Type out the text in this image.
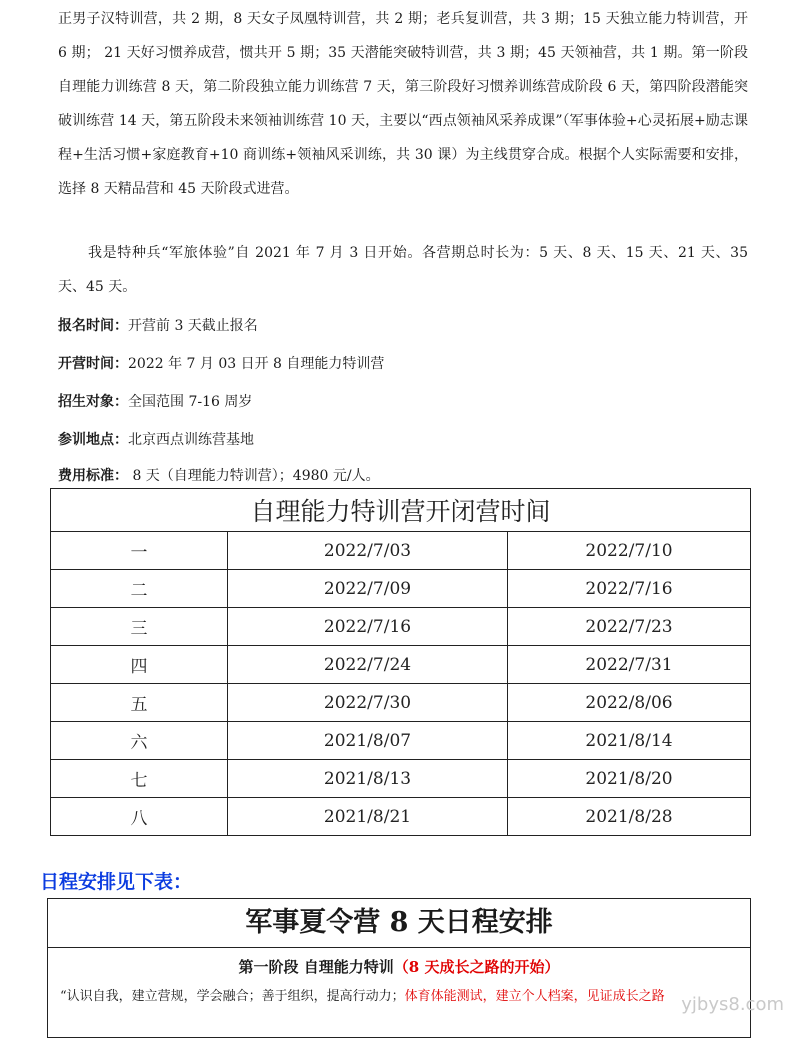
正男子汉特训营，共 2 期，8 天女子凤凰特训营，共 2 期；老兵复训营，共 3 期；15 天独立能力特训营，开 6 期； 21 天好习惯养成营，惯共开 5 期；35 天潜能突破特训营，共 3 期；45 天领袖营，共 1 期。第一阶段自理能力训练营 8 天，第二阶段独立能力训练营 7 天，第三阶段好习惯养训练营成阶段 6 天，第四阶段潜能突破训练营 14 天，第五阶段未来领袖训练营 10 天，主要以“西点领袖风采养成课”（军事体验+心灵拓展+励志课程+生活习惯+家庭教育+10 商训练+领袖风采训练，共 30 课）为主线贯穿合成。根据个人实际需要和安排，选择 8 天精品营和 45 天阶段式进营。

我是特种兵“军旅体验”自 2021 年 7 月 3 日开始。各营期总时长为：5 天、8 天、15 天、21 天、35 天、45 天。

报名时间：开营前 3 天截止报名

开营时间：2022 年 7 月 03 日开 8 自理能力特训营

招生对象：全国范围 7-16 周岁

参训地点：北京西点训练营基地

费用标准： 8 天（自理能力特训营）；4980 元/人。

自理能力特训营开闭营时间		
一	2022/7/03	2022/7/10
二	2022/7/09	2022/7/16
三	2022/7/16	2022/7/23
四	2022/7/24	2022/7/31
五	2022/7/30	2022/8/06
六	2021/8/07	2021/8/14
七	2021/8/13	2021/8/20
八	2021/8/21	2021/8/28

日程安排见下表：

军事夏令营 8 天日程安排

第一阶段 自理能力特训（8 天成长之路的开始）

“认识自我，建立营规，学会融合；善于组织，提高行动力；体育体能测试，建立个人档案，见证成长之路 yjbys8.com
